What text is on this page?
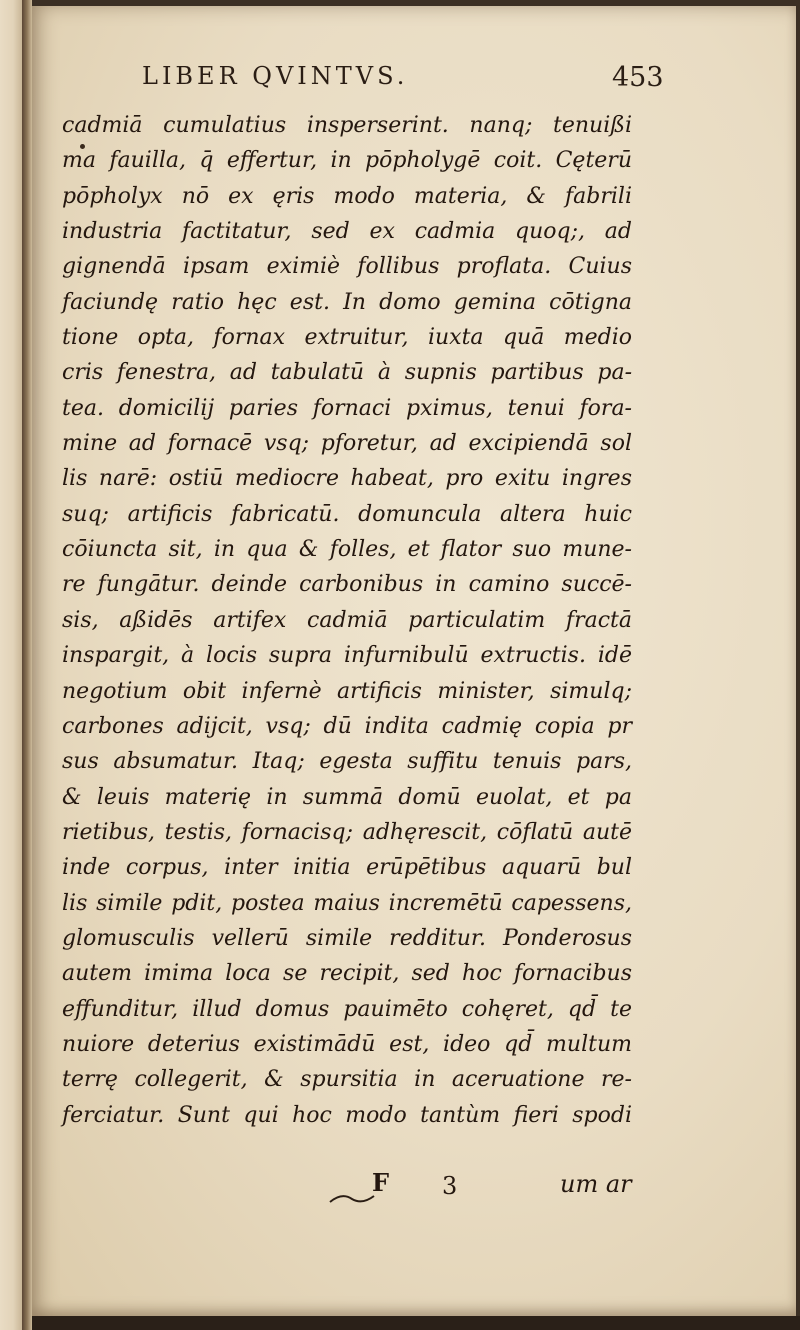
LIBER QVINTVS.	453
cadmiā cumulatius insperserint. nanq; tenuißi
ma fauilla, q̄ effertur, in pōpholygē coit. Cęterū
pōpholyx nō ex ęris modo materia, & fabrili
industria factitatur, sed ex cadmia quoq;, ad
gignendā ipsam eximiè follibus proflata. Cuius
faciundę ratio hęc est. In domo gemina cōtigna
tione opta, fornax extruitur, iuxta quā medio
cris fenestra, ad tabulatū à supnis partibus pa-
tea. domicilij paries fornaci pximus, tenui fora-
mine ad fornacē vsq; pforetur, ad excipiendā sol
lis narē: ostiū mediocre habeat, pro exitu ingres
suq; artificis fabricatū. domuncula altera huic
cōiuncta sit, in qua & folles, et flator suo mune-
re fungātur. deinde carbonibus in camino succē-
sis, aßidēs artifex cadmiā particulatim fractā
inspargit, à locis supra infurnibulū extructis. idē
negotium obit infernè artificis minister, simulq;
carbones adijcit, vsq; dū indita cadmię copia pr
sus absumatur. Itaq; egesta suffitu tenuis pars,
& leuis materię in summā domū euolat, et pa
rietibus, testis, fornacisq; adhęrescit, cōflatū autē
inde corpus, inter initia erūpētibus aquarū bul
lis simile pdit, postea maius incremētū capessens,
glomusculis vellerū simile redditur. Ponderosus
autem imima loca se recipit, sed hoc fornacibus
effunditur, illud domus pauimēto cohęret, qd̄ te
nuiore deterius existimādū est, ideo qd̄ multum
terrę collegerit, & spursitia in aceruatione re-
ferciatur. Sunt qui hoc modo tantùm fieri spodi
F 3	um ar
